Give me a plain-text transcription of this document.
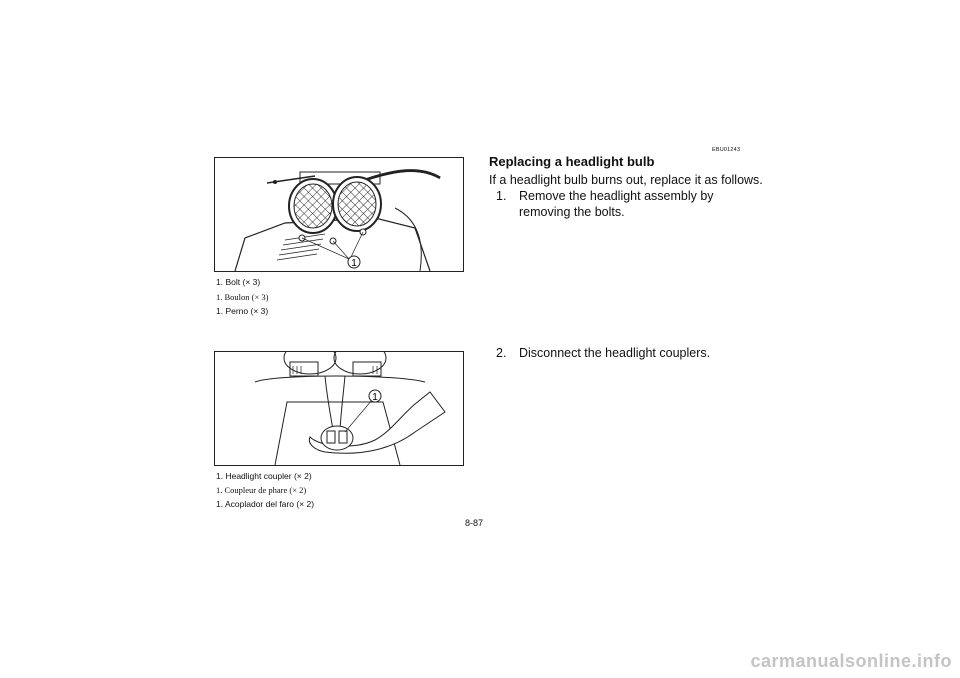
1
1. Bolt (× 3)
1. Boulon (× 3)
1. Perno (× 3)
1
1. Headlight coupler (× 2)
1. Coupleur de phare (× 2)
1. Acoplador del faro (× 2)
EBU01243
Replacing a headlight bulb
If a headlight bulb burns out, replace it as follows.
1. Remove the headlight assembly by removing the bolts.
2. Disconnect the headlight couplers.
8-87
carmanualsonline.info
